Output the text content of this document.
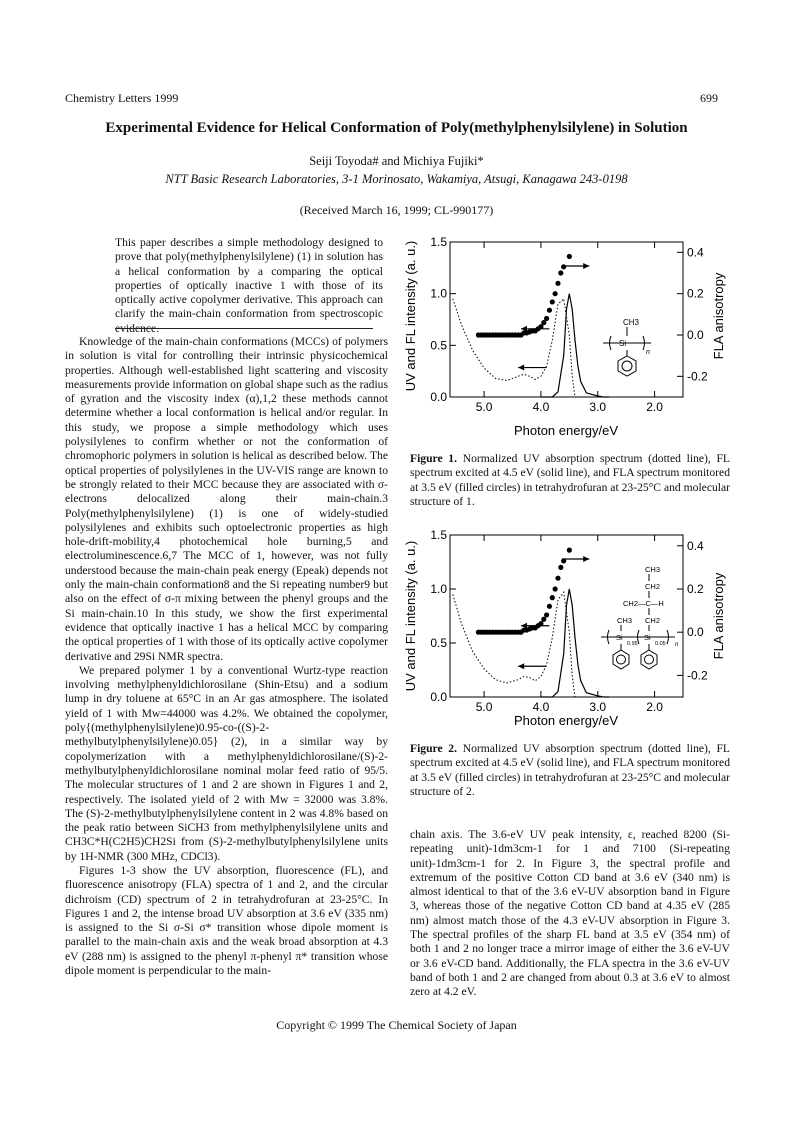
Chemistry Letters 1999	699
Experimental Evidence for Helical Conformation of Poly(methylphenylsilylene) in Solution
Seiji Toyoda# and Michiya Fujiki*
NTT Basic Research Laboratories, 3-1 Morinosato, Wakamiya, Atsugi, Kanagawa 243-0198
(Received March 16, 1999; CL-990177)

This paper describes a simple methodology designed to prove that poly(methylphenylsilylene) (1) in solution has a helical conformation by a comparing the optical properties of optically inactive 1 with those of its optically active copolymer derivative. This approach can clarify the main-chain conformation from spectroscopic evidence.

Knowledge of the main-chain conformations (MCCs) of polymers in solution is vital for controlling their intrinsic physicochemical properties. Although well-established light scattering and viscosity measurements provide information on global shape such as the radius of gyration and the viscosity index (α),1,2 these methods cannot determine whether a local conformation is helical and/or regular. In this study, we propose a simple methodology which uses polysilylenes to confirm whether or not the conformation of chromophoric polymers in solution is helical as described below. The optical properties of polysilylenes in the UV-VIS range are known to be strongly related to their MCC because they are associated with σ-electrons delocalized along their main-chain.3 Poly(methylphenylsilylene) (1) is one of widely-studied polysilylenes and exhibits such optoelectronic properties as high hole-drift-mobility,4 photochemical hole burning,5 and electroluminescence.6,7 The MCC of 1, however, was not fully understood because the main-chain peak energy (Epeak) depends not only the main-chain conformation8 and the Si repeating number9 but also on the effect of σ-π mixing between the phenyl groups and the Si main-chain.10 In this study, we show the first experimental evidence that optically inactive 1 has a helical MCC by comparing the optical properties of 1 with those of its optically active copolymer derivative and 29Si NMR spectra.

We prepared polymer 1 by a conventional Wurtz-type reaction involving methylphenyldichlorosilane (Shin-Etsu) and a sodium lump in dry toluene at 65°C in an Ar gas atmosphere. The isolated yield of 1 with Mw=44000 was 4.2%. We obtained the copolymer, poly{(methylphenylsilylene)0.95-co-((S)-2-methylbutylphenylsilylene)0.05} (2), in a similar way by copolymerization with a methylphenyldichlorosilane/(S)-2-methylbutylphenyldichlorosilane nominal molar feed ratio of 95/5. The molecular structures of 1 and 2 are shown in Figures 1 and 2, respectively. The isolated yield of 2 with Mw = 32000 was 3.8%. The (S)-2-methylbutylphenylsilylene content in 2 was 4.8% based on the peak ratio between SiCH3 from methylphenylsilylene units and CH3C*H(C2H5)CH2Si from (S)-2-methylbutylphenylsilylene units by 1H-NMR (300 MHz, CDCl3).

Figures 1-3 show the UV absorption, fluorescence (FL), and fluorescence anisotropy (FLA) spectra of 1 and 2, and the circular dichroism (CD) spectrum of 2 in tetrahydrofuran at 23-25°C. In Figures 1 and 2, the intense broad UV absorption at 3.6 eV (335 nm) is assigned to the Si σ-Si σ* transition whose dipole moment is parallel to the main-chain axis and the weak broad absorption at 4.3 eV (288 nm) is assigned to the phenyl π-phenyl π* transition whose dipole moment is perpendicular to the main-

5.0	4.0	3.0	2.0
0.0
0.5
1.0
1.5
0.4
0.2
0.0
-0.2
UV and FL intensity (a. u.)	FLA anisotropy
Photon energy/eV
CH3
Si
n
Figure 1. Normalized UV absorption spectrum (dotted line), FL spectrum excited at 4.5 eV (solid line), and FLA spectrum monitored at 3.5 eV (filled circles) in tetrahydrofuran at 23-25°C and molecular structure of 1.
5.0	4.0	3.0	2.0
0.0
0.5
1.0
1.5
0.4
0.2
0.0
-0.2
UV and FL intensity (a. u.)	FLA anisotropy
Photon energy/eV
CH3
CH2
CH2—C—H
CH2
CH3
Si
0.95
Si
0.05 n
Figure 2. Normalized UV absorption spectrum (dotted line), FL spectrum excited at 4.5 eV (solid line), and FLA spectrum monitored at 3.5 eV (filled circles) in tetrahydrofuran at 23-25°C and molecular structure of 2.

chain axis. The 3.6-eV UV peak intensity, ε, reached 8200 (Si-repeating unit)-1dm3cm-1 for 1 and 7100 (Si-repeating unit)-1dm3cm-1 for 2. In Figure 3, the spectral profile and extremum of the positive Cotton CD band at 3.6 eV (340 nm) is almost identical to that of the 3.6 eV-UV absorption band in Figure 3, whereas those of the negative Cotton CD band at 4.35 eV (285 nm) almost match those of the 4.3 eV-UV absorption in Figure 3. The spectral profiles of the sharp FL band at 3.5 eV (354 nm) of both 1 and 2 no longer trace a mirror image of either the 3.6 eV-UV or 3.6 eV-CD band. Additionally, the FLA spectra in the 3.6 eV-UV band of both 1 and 2 are changed from about 0.3 at 3.6 eV to almost zero at 4.2 eV.

Copyright © 1999 The Chemical Society of Japan
